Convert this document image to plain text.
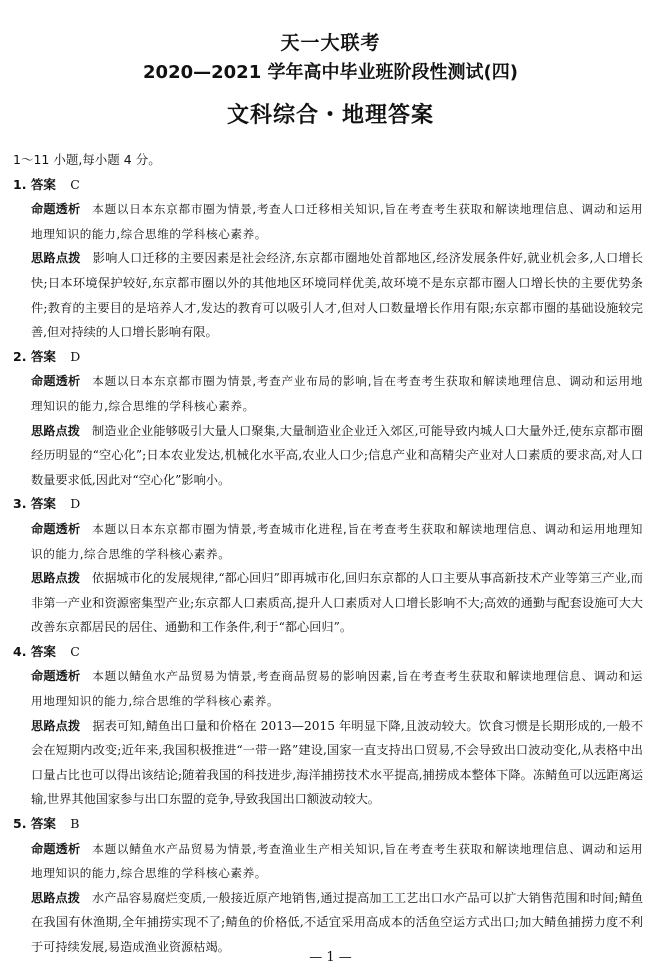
天一大联考
2020—2021 学年高中毕业班阶段性测试(四)
文科综合・地理答案
1～11 小题,每小题 4 分。
1. 答案 C
命题透析 本题以日本东京都市圈为情景,考查人口迁移相关知识,旨在考查考生获取和解读地理信息、调动和运用地理知识的能力,综合思维的学科核心素养。
思路点拨 影响人口迁移的主要因素是社会经济,东京都市圈地处首都地区,经济发展条件好,就业机会多,人口增长快;日本环境保护较好,东京都市圈以外的其他地区环境同样优美,故环境不是东京都市圈人口增长快的主要优势条件;教育的主要目的是培养人才,发达的教育可以吸引人才,但对人口数量增长作用有限;东京都市圈的基础设施较完善,但对持续的人口增长影响有限。
2. 答案 D
命题透析 本题以日本东京都市圈为情景,考查产业布局的影响,旨在考查考生获取和解读地理信息、调动和运用地理知识的能力,综合思维的学科核心素养。
思路点拨 制造业企业能够吸引大量人口聚集,大量制造业企业迁入郊区,可能导致内城人口大量外迁,使东京都市圈经历明显的“空心化”;日本农业发达,机械化水平高,农业人口少;信息产业和高精尖产业对人口素质的要求高,对人口数量要求低,因此对“空心化”影响小。
3. 答案 D
命题透析 本题以日本东京都市圈为情景,考查城市化进程,旨在考查考生获取和解读地理信息、调动和运用地理知识的能力,综合思维的学科核心素养。
思路点拨 依据城市化的发展规律,“都心回归”即再城市化,回归东京都的人口主要从事高新技术产业等第三产业,而非第一产业和资源密集型产业;东京都人口素质高,提升人口素质对人口增长影响不大;高效的通勤与配套设施可大大改善东京都居民的居住、通勤和工作条件,利于“都心回归”。
4. 答案 C
命题透析 本题以鲭鱼水产品贸易为情景,考查商品贸易的影响因素,旨在考查考生获取和解读地理信息、调动和运用地理知识的能力,综合思维的学科核心素养。
思路点拨 据表可知,鲭鱼出口量和价格在 2013—2015 年明显下降,且波动较大。饮食习惯是长期形成的,一般不会在短期内改变;近年来,我国积极推进“一带一路”建设,国家一直支持出口贸易,不会导致出口波动变化,从表格中出口量占比也可以得出该结论;随着我国的科技进步,海洋捕捞技术水平提高,捕捞成本整体下降。冻鲭鱼可以远距离运输,世界其他国家参与出口东盟的竞争,导致我国出口额波动较大。
5. 答案 B
命题透析 本题以鲭鱼水产品贸易为情景,考查渔业生产相关知识,旨在考查考生获取和解读地理信息、调动和运用地理知识的能力,综合思维的学科核心素养。
思路点拨 水产品容易腐烂变质,一般接近原产地销售,通过提高加工工艺出口水产品可以扩大销售范围和时间;鲭鱼在我国有休渔期,全年捕捞实现不了;鲭鱼的价格低,不适宜采用高成本的活鱼空运方式出口;加大鲭鱼捕捞力度不利于可持续发展,易造成渔业资源枯竭。
— 1 —
